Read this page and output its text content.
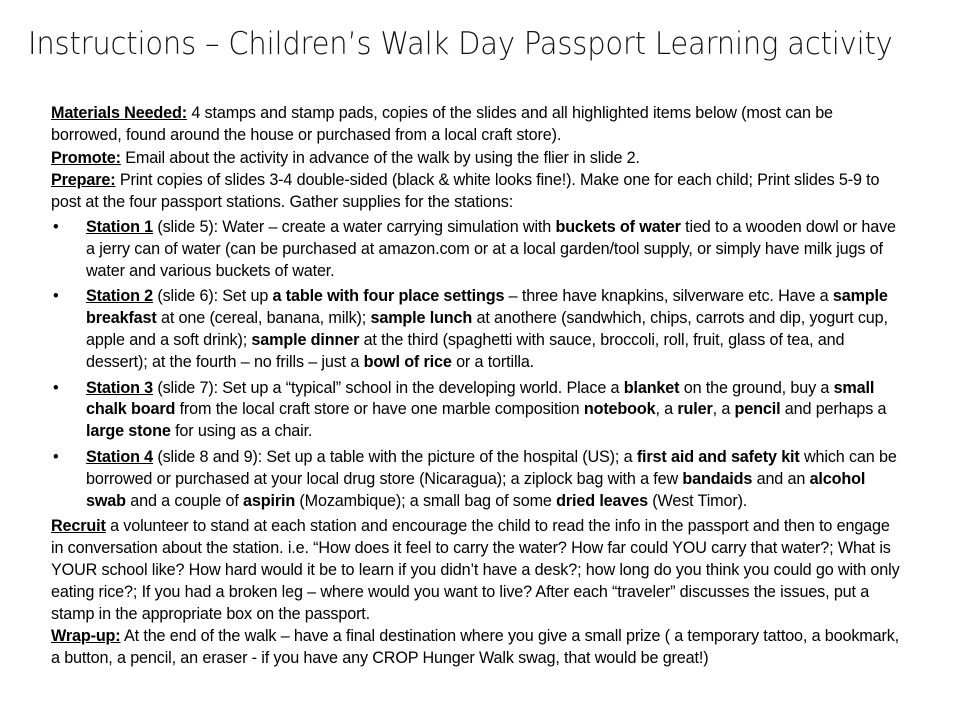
Instructions – Children’s Walk Day Passport Learning activity

Materials Needed: 4 stamps and stamp pads, copies of the slides and all highlighted items below (most can be borrowed, found around the house or purchased from a local craft store).

Promote: Email about the activity in advance of the walk by using the flier in slide 2.

Prepare: Print copies of slides 3-4 double-sided (black & white looks fine!). Make one for each child; Print slides 5-9 to post at the four passport stations. Gather supplies for the stations:

• Station 1 (slide 5): Water – create a water carrying simulation with buckets of water tied to a wooden dowl or have a jerry can of water (can be purchased at amazon.com or at a local garden/tool supply, or simply have milk jugs of water and various buckets of water.
• Station 2 (slide 6): Set up a table with four place settings – three have knapkins, silverware etc. Have a sample breakfast at one (cereal, banana, milk); sample lunch at anothere (sandwhich, chips, carrots and dip, yogurt cup, apple and a soft drink); sample dinner at the third (spaghetti with sauce, broccoli, roll, fruit, glass of tea, and dessert); at the fourth – no frills – just a bowl of rice or a tortilla.
• Station 3 (slide 7): Set up a “typical” school in the developing world. Place a blanket on the ground, buy a small chalk board from the local craft store or have one marble composition notebook, a ruler, a pencil and perhaps a large stone for using as a chair.
• Station 4 (slide 8 and 9): Set up a table with the picture of the hospital (US); a first aid and safety kit which can be borrowed or purchased at your local drug store (Nicaragua); a ziplock bag with a few bandaids and an alcohol swab and a couple of aspirin (Mozambique); a small bag of some dried leaves (West Timor).

Recruit a volunteer to stand at each station and encourage the child to read the info in the passport and then to engage in conversation about the station. i.e. “How does it feel to carry the water? How far could YOU carry that water?; What is YOUR school like? How hard would it be to learn if you didn’t have a desk?; how long do you think you could go with only eating rice?; If you had a broken leg – where would you want to live? After each “traveler” discusses the issues, put a stamp in the appropriate box on the passport.

Wrap-up: At the end of the walk – have a final destination where you give a small prize ( a temporary tattoo, a bookmark, a button, a pencil, an eraser - if you have any CROP Hunger Walk swag, that would be great!)
